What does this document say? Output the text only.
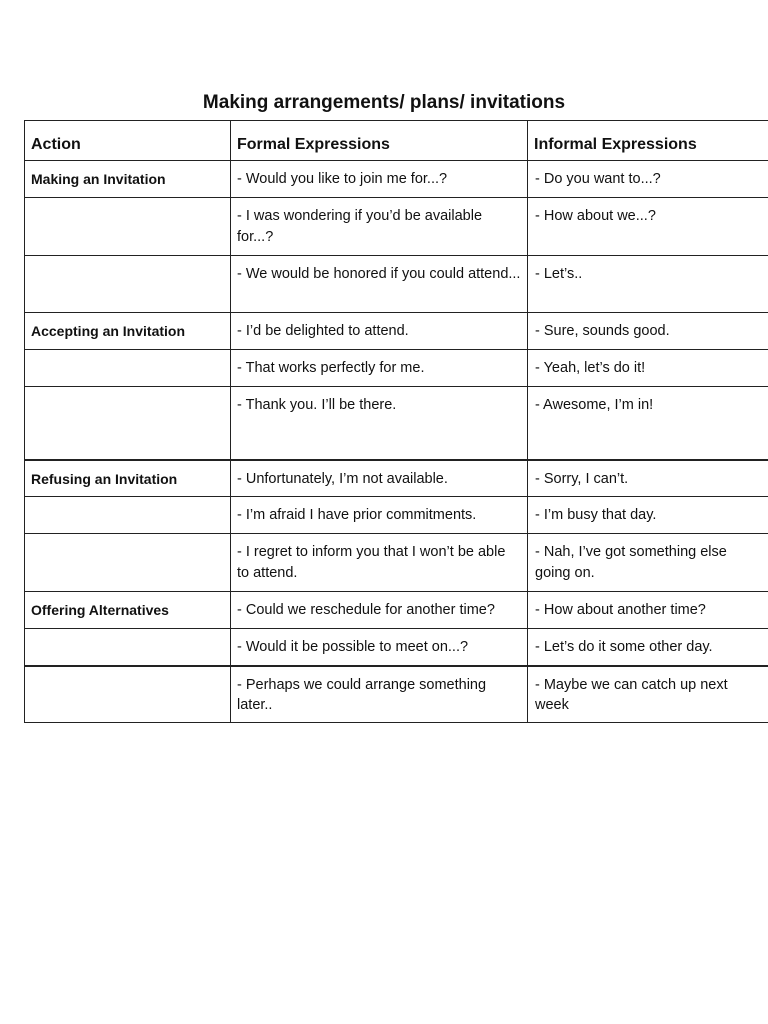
Making arrangements/ plans/ invitations
Action	Formal Expressions	Informal Expressions
Making an Invitation	- Would you like to join me for...?	- Do you want to...?
	- I was wondering if you’d be available for...?	- How about we...?
	- We would be honored if you could attend...	- Let’s..
Accepting an Invitation	- I’d be delighted to attend.	- Sure, sounds good.
	- That works perfectly for me.	- Yeah, let’s do it!
	- Thank you. I’ll be there.	- Awesome, I’m in!
Refusing an Invitation	- Unfortunately, I’m not available.	- Sorry, I can’t.
	- I’m afraid I have prior commitments.	- I’m busy that day.
	- I regret to inform you that I won’t be able to attend.	- Nah, I’ve got something else going on.
Offering Alternatives	- Could we reschedule for another time?	- How about another time?
	- Would it be possible to meet on...?	- Let’s do it some other day.
	- Perhaps we could arrange something later..	- Maybe we can catch up next week
